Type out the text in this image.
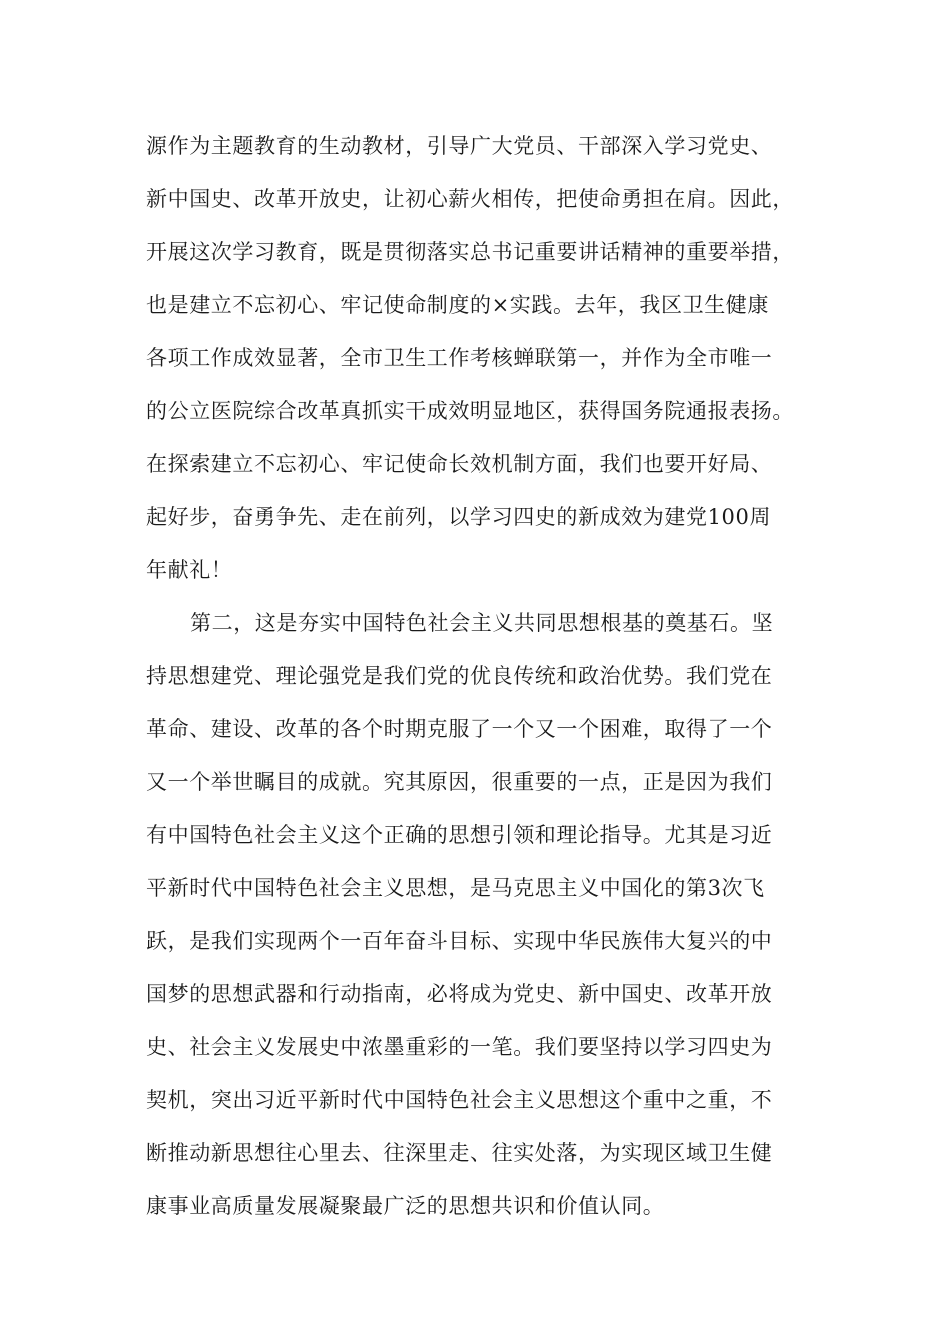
源作为主题教育的生动教材，引导广大党员、干部深入学习党史、
新中国史、改革开放史，让初心薪火相传，把使命勇担在肩。因此，
开展这次学习教育，既是贯彻落实总书记重要讲话精神的重要举措，
也是建立不忘初心、牢记使命制度的×实践。去年，我区卫生健康
各项工作成效显著，全市卫生工作考核蝉联第一，并作为全市唯一
的公立医院综合改革真抓实干成效明显地区，获得国务院通报表扬。
在探索建立不忘初心、牢记使命长效机制方面，我们也要开好局、
起好步，奋勇争先、走在前列，以学习四史的新成效为建党100周
年献礼！
第二，这是夯实中国特色社会主义共同思想根基的奠基石。坚
持思想建党、理论强党是我们党的优良传统和政治优势。我们党在
革命、建设、改革的各个时期克服了一个又一个困难，取得了一个
又一个举世瞩目的成就。究其原因，很重要的一点，正是因为我们
有中国特色社会主义这个正确的思想引领和理论指导。尤其是习近
平新时代中国特色社会主义思想，是马克思主义中国化的第3次飞
跃，是我们实现两个一百年奋斗目标、实现中华民族伟大复兴的中
国梦的思想武器和行动指南，必将成为党史、新中国史、改革开放
史、社会主义发展史中浓墨重彩的一笔。我们要坚持以学习四史为
契机，突出习近平新时代中国特色社会主义思想这个重中之重，不
断推动新思想往心里去、往深里走、往实处落，为实现区域卫生健
康事业高质量发展凝聚最广泛的思想共识和价值认同。
